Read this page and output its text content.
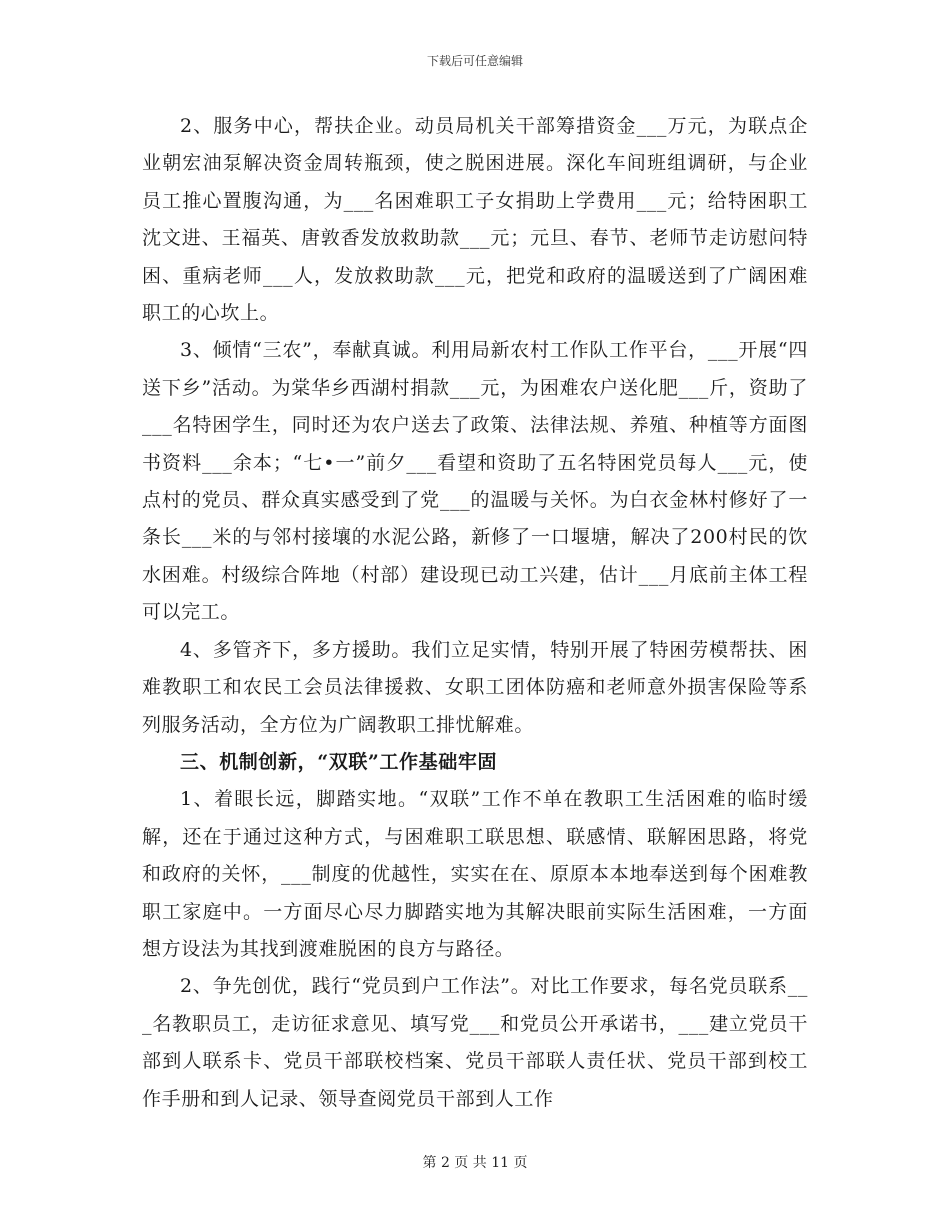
下载后可任意编辑

2、服务中心，帮扶企业。动员局机关干部筹措资金___万元，为联点企业朝宏油泵解决资金周转瓶颈，使之脱困进展。深化车间班组调研，与企业员工推心置腹沟通，为___名困难职工子女捐助上学费用___元；给特困职工沈文进、王福英、唐敦香发放救助款___元；元旦、春节、老师节走访慰问特困、重病老师___人，发放救助款___元，把党和政府的温暖送到了广阔困难职工的心坎上。

3、倾情“三农”，奉献真诚。利用局新农村工作队工作平台，___开展“四送下乡”活动。为棠华乡西湖村捐款___元，为困难农户送化肥___斤，资助了___名特困学生，同时还为农户送去了政策、法律法规、养殖、种植等方面图书资料___余本；“七•一”前夕___看望和资助了五名特困党员每人___元，使点村的党员、群众真实感受到了党___的温暖与关怀。为白衣金林村修好了一条长___米的与邻村接壤的水泥公路，新修了一口堰塘，解决了200村民的饮水困难。村级综合阵地（村部）建设现已动工兴建，估计___月底前主体工程可以完工。

4、多管齐下，多方援助。我们立足实情，特别开展了特困劳模帮扶、困难教职工和农民工会员法律援救、女职工团体防癌和老师意外损害保险等系列服务活动，全方位为广阔教职工排忧解难。

三、机制创新，“双联”工作基础牢固

1、着眼长远，脚踏实地。“双联”工作不单在教职工生活困难的临时缓解，还在于通过这种方式，与困难职工联思想、联感情、联解困思路，将党和政府的关怀，___制度的优越性，实实在在、原原本本地奉送到每个困难教职工家庭中。一方面尽心尽力脚踏实地为其解决眼前实际生活困难，一方面想方设法为其找到渡难脱困的良方与路径。

2、争先创优，践行“党员到户工作法”。对比工作要求，每名党员联系___名教职员工，走访征求意见、填写党___和党员公开承诺书，___建立党员干部到人联系卡、党员干部联校档案、党员干部联人责任状、党员干部到校工作手册和到人记录、领导查阅党员干部到人工作

第 2 页 共 11 页
